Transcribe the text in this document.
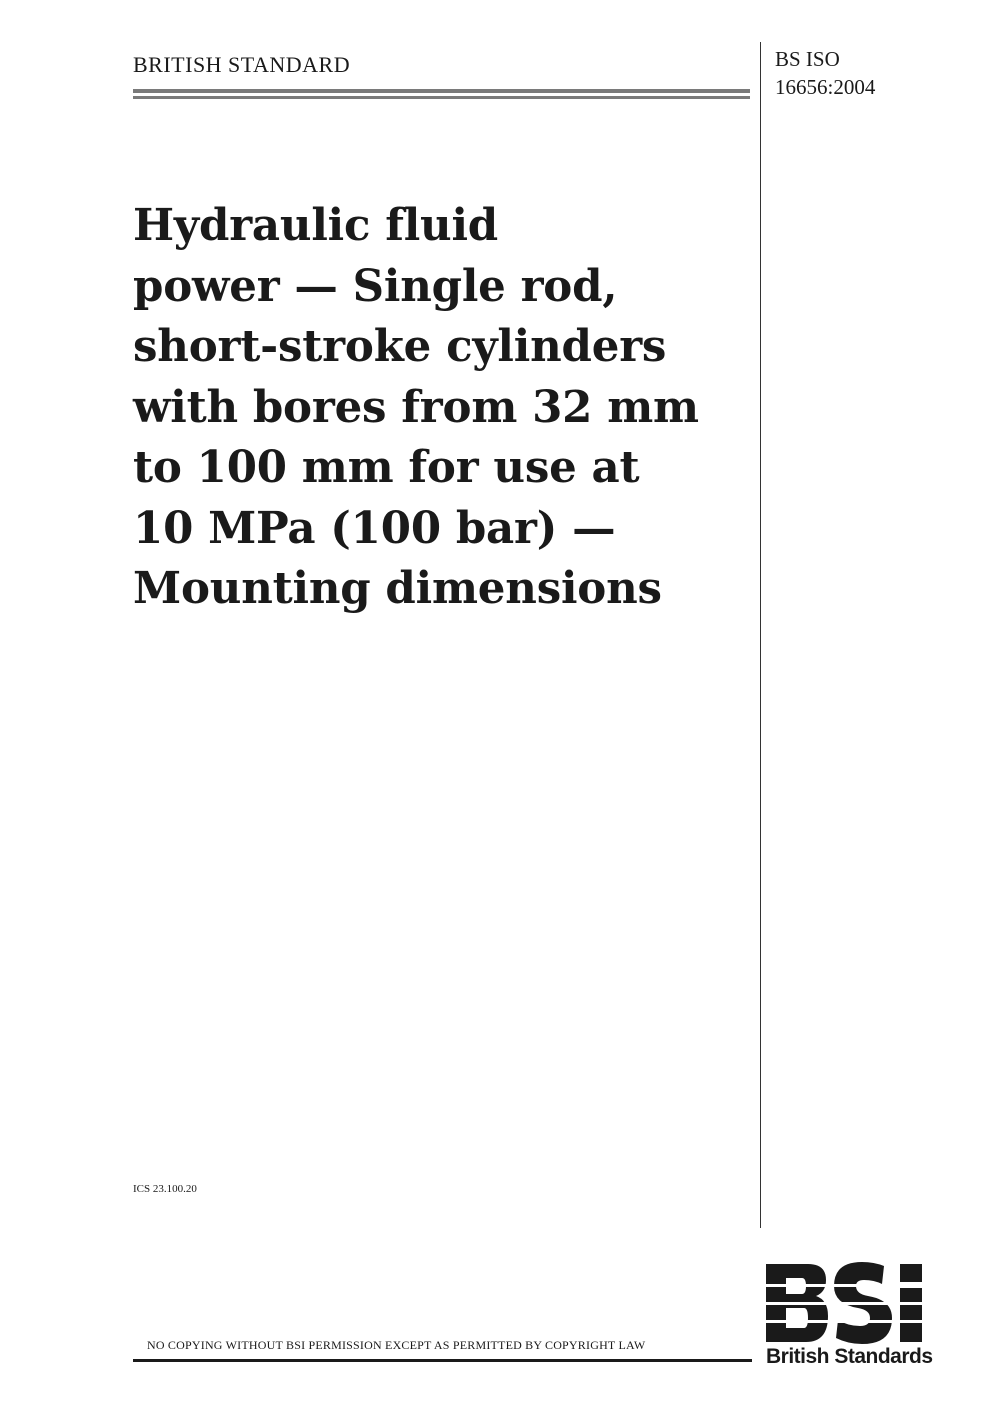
BRITISH STANDARD	BS ISO
16656:2004
Hydraulic fluid
power — Single rod,
short-stroke cylinders
with bores from 32 mm
to 100 mm for use at
10 MPa (100 bar) —
Mounting dimensions
ICS 23.100.20
NO COPYING WITHOUT BSI PERMISSION EXCEPT AS PERMITTED BY COPYRIGHT LAW	British Standards
